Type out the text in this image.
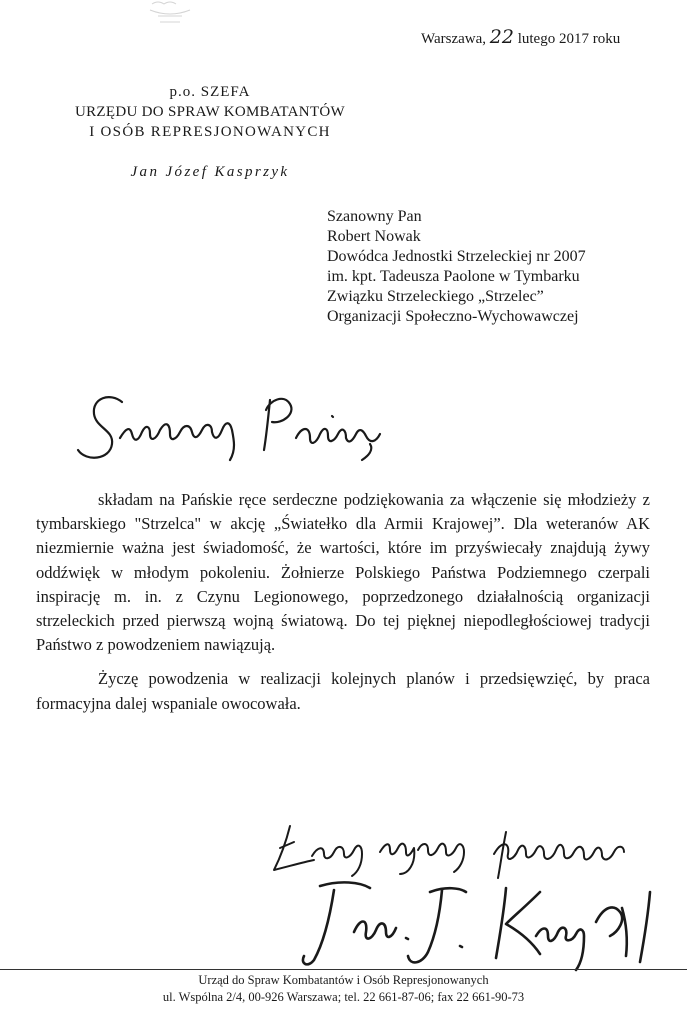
Warszawa, 22 lutego 2017 roku
p.o. SZEFA
URZĘDU DO SPRAW KOMBATANTÓW
I OSÓB REPRESJONOWANYCH
Jan Józef Kasprzyk
Szanowny Pan
Robert Nowak
Dowódca Jednostki Strzeleckiej nr 2007
im. kpt. Tadeusza Paolone w Tymbarku
Związku Strzeleckiego „Strzelec”
Organizacji Społeczno-Wychowawczej

składam na Pańskie ręce serdeczne podziękowania za włączenie się młodzieży z tymbarskiego "Strzelca" w akcję „Światełko dla Armii Krajowej”. Dla weteranów AK niezmiernie ważna jest świadomość, że wartości, które im przyświecały znajdują żywy oddźwięk w młodym pokoleniu. Żołnierze Polskiego Państwa Podziemnego czerpali inspirację m. in. z Czynu Legionowego, poprzedzonego działalnością organizacji strzeleckich przed pierwszą wojną światową. Do tej pięknej niepodległościowej tradycji Państwo z powodzeniem nawiązują.

Życzę powodzenia w realizacji kolejnych planów i przedsięwzięć, by praca formacyjna dalej wspaniale owocowała.

Urząd do Spraw Kombatantów i Osób Represjonowanych
ul. Wspólna 2/4, 00-926 Warszawa; tel. 22 661-87-06; fax 22 661-90-73
